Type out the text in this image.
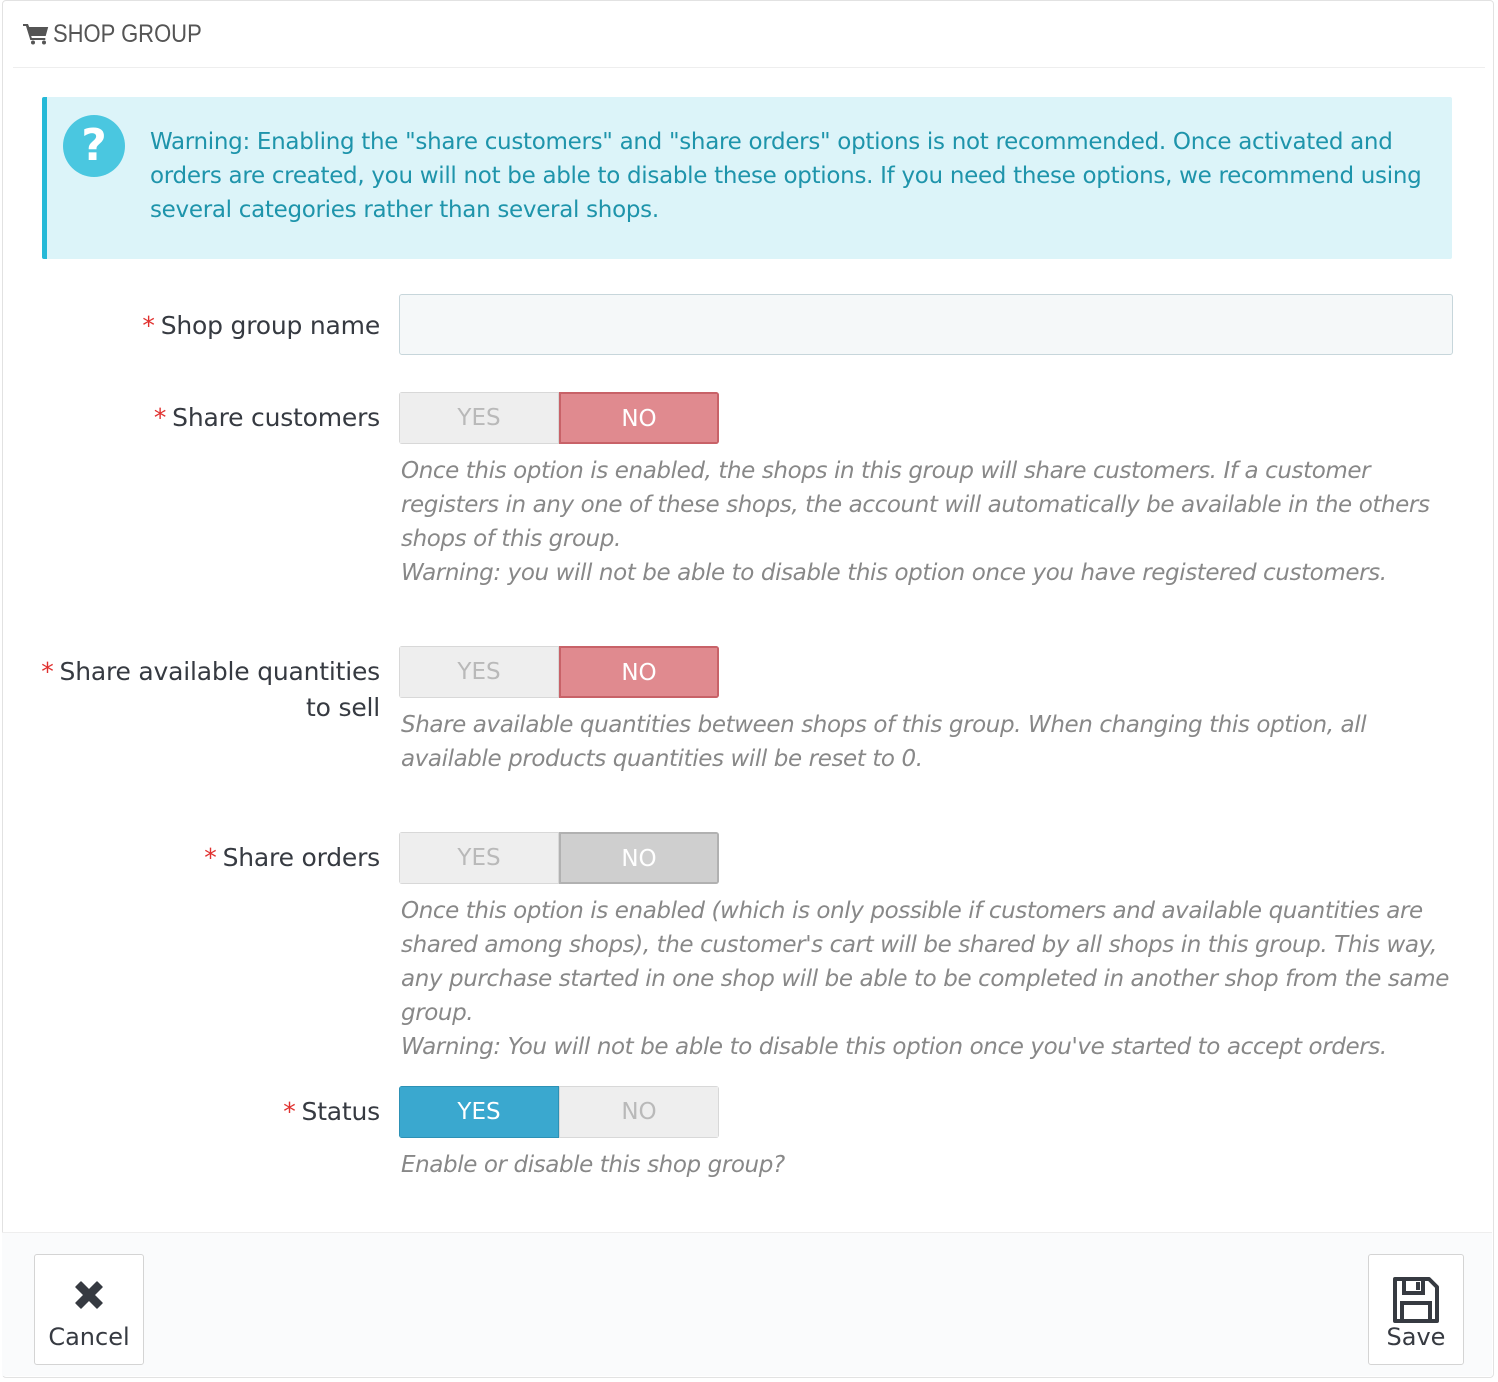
SHOP GROUP
?	Warning: Enabling the "share customers" and "share orders" options is not recommended. Once activated and orders are created, you will not be able to disable these options. If you need these options, we recommend using several categories rather than several shops.
* Shop group name
* Share customers	YES	NO
Once this option is enabled, the shops in this group will share customers. If a customer registers in any one of these shops, the account will automatically be available in the others shops of this group.
Warning: you will not be able to disable this option once you have registered customers.
* Share available quantities
to sell
YES	NO
Share available quantities between shops of this group. When changing this option, all available products quantities will be reset to 0.
* Share orders	YES	NO
Once this option is enabled (which is only possible if customers and available quantities are shared among shops), the customer's cart will be shared by all shops in this group. This way, any purchase started in one shop will be able to be completed in another shop from the same group.
Warning: You will not be able to disable this option once you've started to accept orders.
* Status	YES	NO
Enable or disable this shop group?
Cancel	Save
